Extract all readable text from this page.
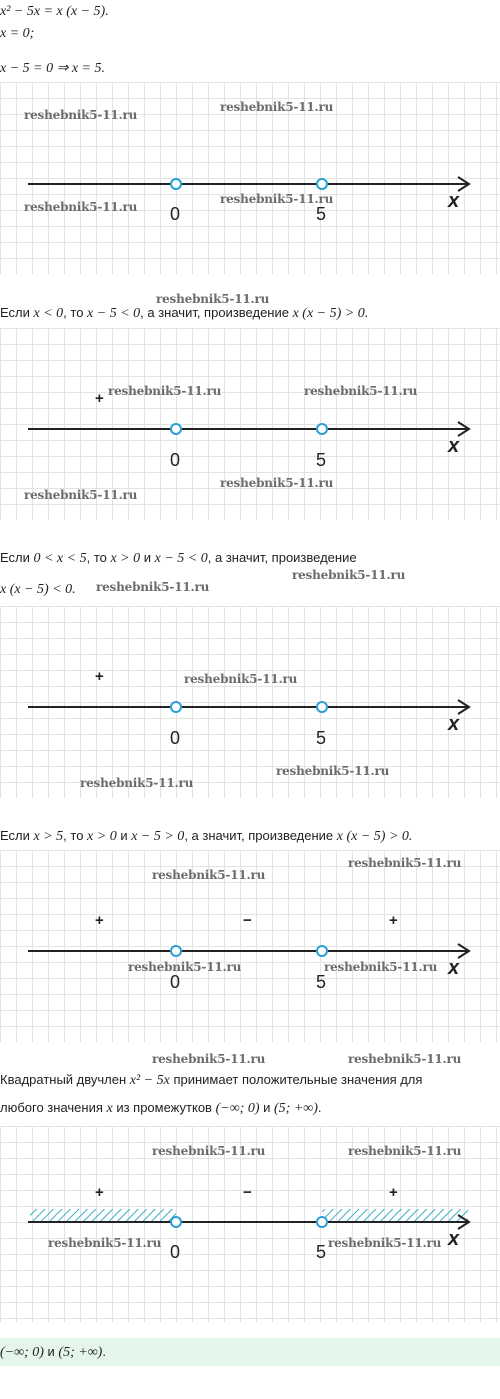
x² − 5x = x (x − 5).
x = 0;
x − 5 = 0 ⇒ x = 5.
reshebnik5-11.ru
reshebnik5-11.ru
reshebnik5-11.ru
reshebnik5-11.ru
0	5
x
Если x < 0, то x − 5 < 0, а значит, произведение x (x − 5) > 0.
reshebnik5-11.ru
+ reshebnik5-11.ru	reshebnik5-11.ru
reshebnik5-11.ru
reshebnik5-11.ru
0	5
x
Если 0 < x < 5, то x > 0 и x − 5 < 0, а значит, произведение
x (x − 5) < 0.
reshebnik5-11.ru
reshebnik5-11.ru
+	reshebnik5-11.ru
reshebnik5-11.ru
reshebnik5-11.ru
0	5
x
Если x > 5, то x > 0 и x − 5 > 0, а значит, произведение x (x − 5) > 0.
reshebnik5-11.ru
reshebnik5-11.ru
+	−	+
reshebnik5-11.ru	reshebnik5-11.ru
0	5
x
reshebnik5-11.ru	reshebnik5-11.ru
Квадратный двучлен x² − 5x принимает положительные значения для
любого значения x из промежутков (−∞; 0) и (5; +∞).
reshebnik5-11.ru	reshebnik5-11.ru
+	−	+
reshebnik5-11.ru	reshebnik5-11.ru
0	5
x
(−∞; 0) и (5; +∞).
